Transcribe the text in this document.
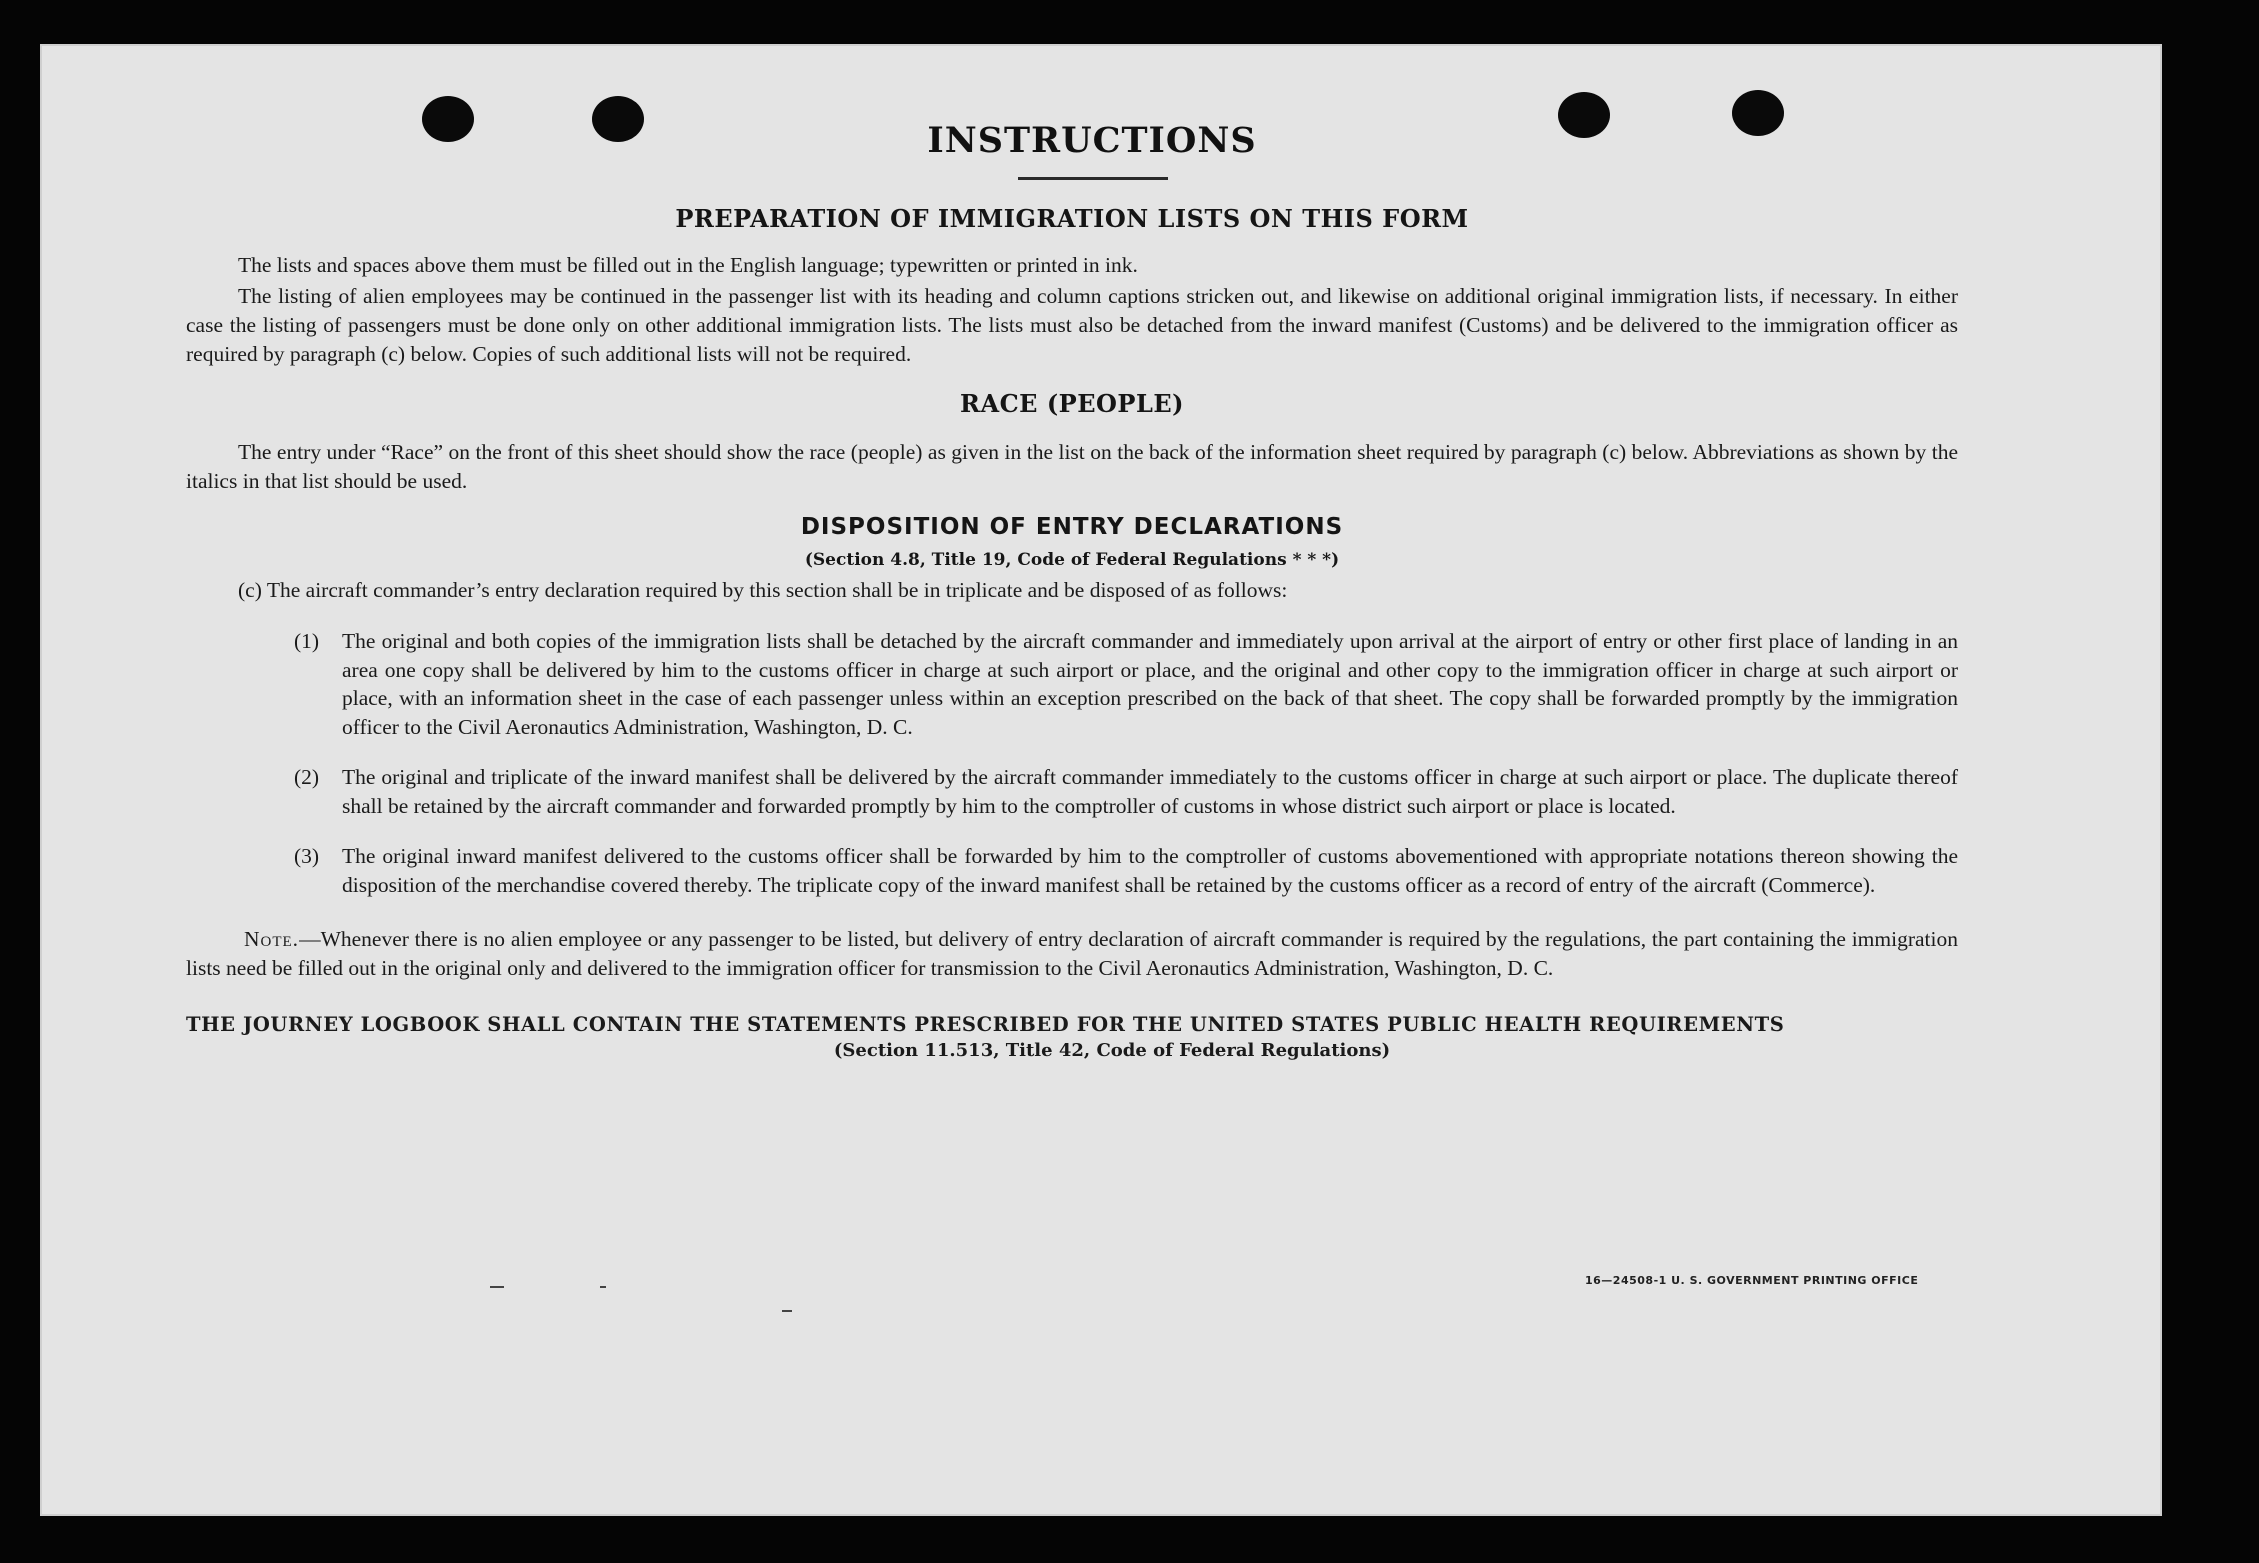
INSTRUCTIONS
PREPARATION OF IMMIGRATION LISTS ON THIS FORM

The lists and spaces above them must be filled out in the English language; typewritten or printed in ink.

The listing of alien employees may be continued in the passenger list with its heading and column captions stricken out, and likewise on additional original immigration lists, if necessary. In either case the listing of passengers must be done only on other additional immigration lists. The lists must also be detached from the inward manifest (Customs) and be delivered to the immigration officer as required by paragraph (c) below. Copies of such additional lists will not be required.

RACE (PEOPLE)

The entry under “Race” on the front of this sheet should show the race (people) as given in the list on the back of the information sheet required by paragraph (c) below. Abbreviations as shown by the italics in that list should be used.

DISPOSITION OF ENTRY DECLARATIONS
(Section 4.8, Title 19, Code of Federal Regulations * * *)
(c) The aircraft commander’s entry declaration required by this section shall be in triplicate and be disposed of as follows:
(1)	The original and both copies of the immigration lists shall be detached by the aircraft commander and immediately upon arrival at the airport of entry or other first place of landing in an area one copy shall be delivered by him to the customs officer in charge at such airport or place, and the original and other copy to the immigration officer in charge at such airport or place, with an information sheet in the case of each passenger unless within an exception prescribed on the back of that sheet. The copy shall be forwarded promptly by the immigration officer to the Civil Aeronautics Administration, Washington, D. C.
(2)	The original and triplicate of the inward manifest shall be delivered by the aircraft commander immediately to the customs officer in charge at such airport or place. The duplicate thereof shall be retained by the aircraft commander and forwarded promptly by him to the comptroller of customs in whose district such airport or place is located.
(3)	The original inward manifest delivered to the customs officer shall be forwarded by him to the comptroller of customs abovementioned with appropriate notations thereon showing the disposition of the merchandise covered thereby. The triplicate copy of the inward manifest shall be retained by the customs officer as a record of entry of the aircraft (Commerce).

Note.—Whenever there is no alien employee or any passenger to be listed, but delivery of entry declaration of aircraft commander is required by the regulations, the part containing the immigration lists need be filled out in the original only and delivered to the immigration officer for transmission to the Civil Aeronautics Administration, Washington, D. C.

THE JOURNEY LOGBOOK SHALL CONTAIN THE STATEMENTS PRESCRIBED FOR THE UNITED STATES PUBLIC HEALTH REQUIREMENTS
(Section 11.513, Title 42, Code of Federal Regulations)
16—24508-1 U. S. GOVERNMENT PRINTING OFFICE
